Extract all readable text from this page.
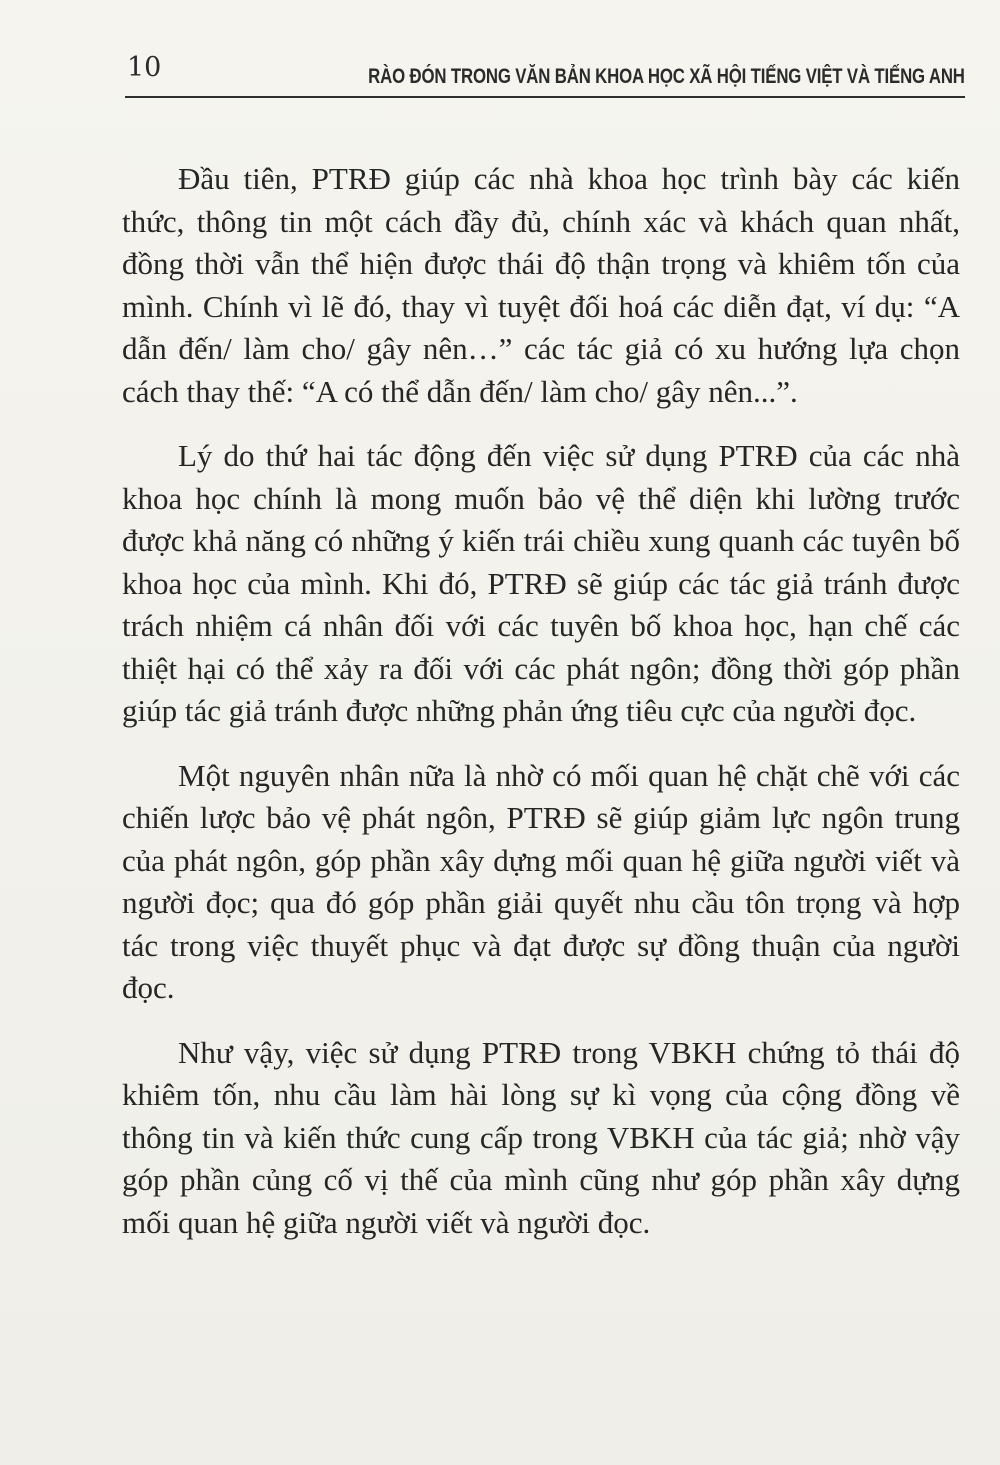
10	RÀO ĐÓN TRONG VĂN BẢN KHOA HỌC XÃ HỘI TIẾNG VIỆT VÀ TIẾNG ANH

Đầu tiên, PTRĐ giúp các nhà khoa học trình bày các kiến thức, thông tin một cách đầy đủ, chính xác và khách quan nhất, đồng thời vẫn thể hiện được thái độ thận trọng và khiêm tốn của mình. Chính vì lẽ đó, thay vì tuyệt đối hoá các diễn đạt, ví dụ: “A dẫn đến/ làm cho/ gây nên…” các tác giả có xu hướng lựa chọn cách thay thế: “A có thể dẫn đến/ làm cho/ gây nên...”.

Lý do thứ hai tác động đến việc sử dụng PTRĐ của các nhà khoa học chính là mong muốn bảo vệ thể diện khi lường trước được khả năng có những ý kiến trái chiều xung quanh các tuyên bố khoa học của mình. Khi đó, PTRĐ sẽ giúp các tác giả tránh được trách nhiệm cá nhân đối với các tuyên bố khoa học, hạn chế các thiệt hại có thể xảy ra đối với các phát ngôn; đồng thời góp phần giúp tác giả tránh được những phản ứng tiêu cực của người đọc.

Một nguyên nhân nữa là nhờ có mối quan hệ chặt chẽ với các chiến lược bảo vệ phát ngôn, PTRĐ sẽ giúp giảm lực ngôn trung của phát ngôn, góp phần xây dựng mối quan hệ giữa người viết và người đọc; qua đó góp phần giải quyết nhu cầu tôn trọng và hợp tác trong việc thuyết phục và đạt được sự đồng thuận của người đọc.

Như vậy, việc sử dụng PTRĐ trong VBKH chứng tỏ thái độ khiêm tốn, nhu cầu làm hài lòng sự kì vọng của cộng đồng về thông tin và kiến thức cung cấp trong VBKH của tác giả; nhờ vậy góp phần củng cố vị thế của mình cũng như góp phần xây dựng mối quan hệ giữa người viết và người đọc.
